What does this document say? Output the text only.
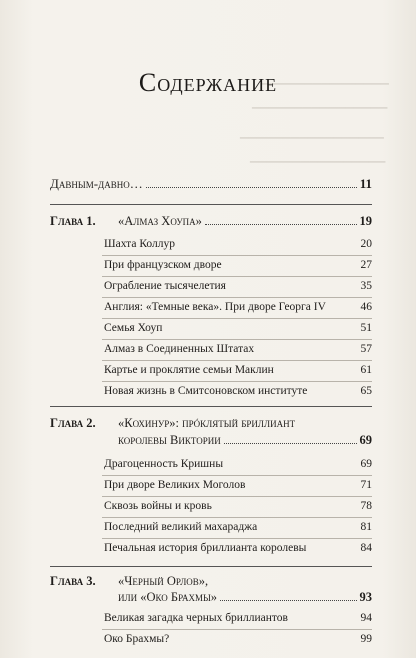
▁▁▁▁▁▁▁▁▁▁▁▁▁▁▁
▁▁▁▁▁▁▁▁▁▁▁▁▁▁▁▁
▁▁▁▁▁▁▁▁▁▁▁▁▁▁▁▁▁
▁▁▁▁▁▁▁▁▁▁▁▁▁▁▁▁
Содержание
Давным-давно…	11
Глава 1.	«Алмаз Хоупа»	19
Шахта Коллур	20
При французском дворе	27
Ограбление тысячелетия	35
Англия: «Темные века». При дворе Георга IV	46
Семья Хоуп	51
Алмаз в Соединенных Штатах	57
Картье и проклятие семьи Маклин	61
Новая жизнь в Смитсоновском институте	65
Глава 2.	«Кохинур»: прóклятый бриллиант
королевы Виктории	69
Драгоценность Кришны	69
При дворе Великих Моголов	71
Сквозь войны и кровь	78
Последний великий махараджа	81
Печальная история бриллианта королевы	84
Глава 3.	«Черный Орлов»,
или «Око Брахмы»	93
Великая загадка черных бриллиантов	94
Око Брахмы?	99
